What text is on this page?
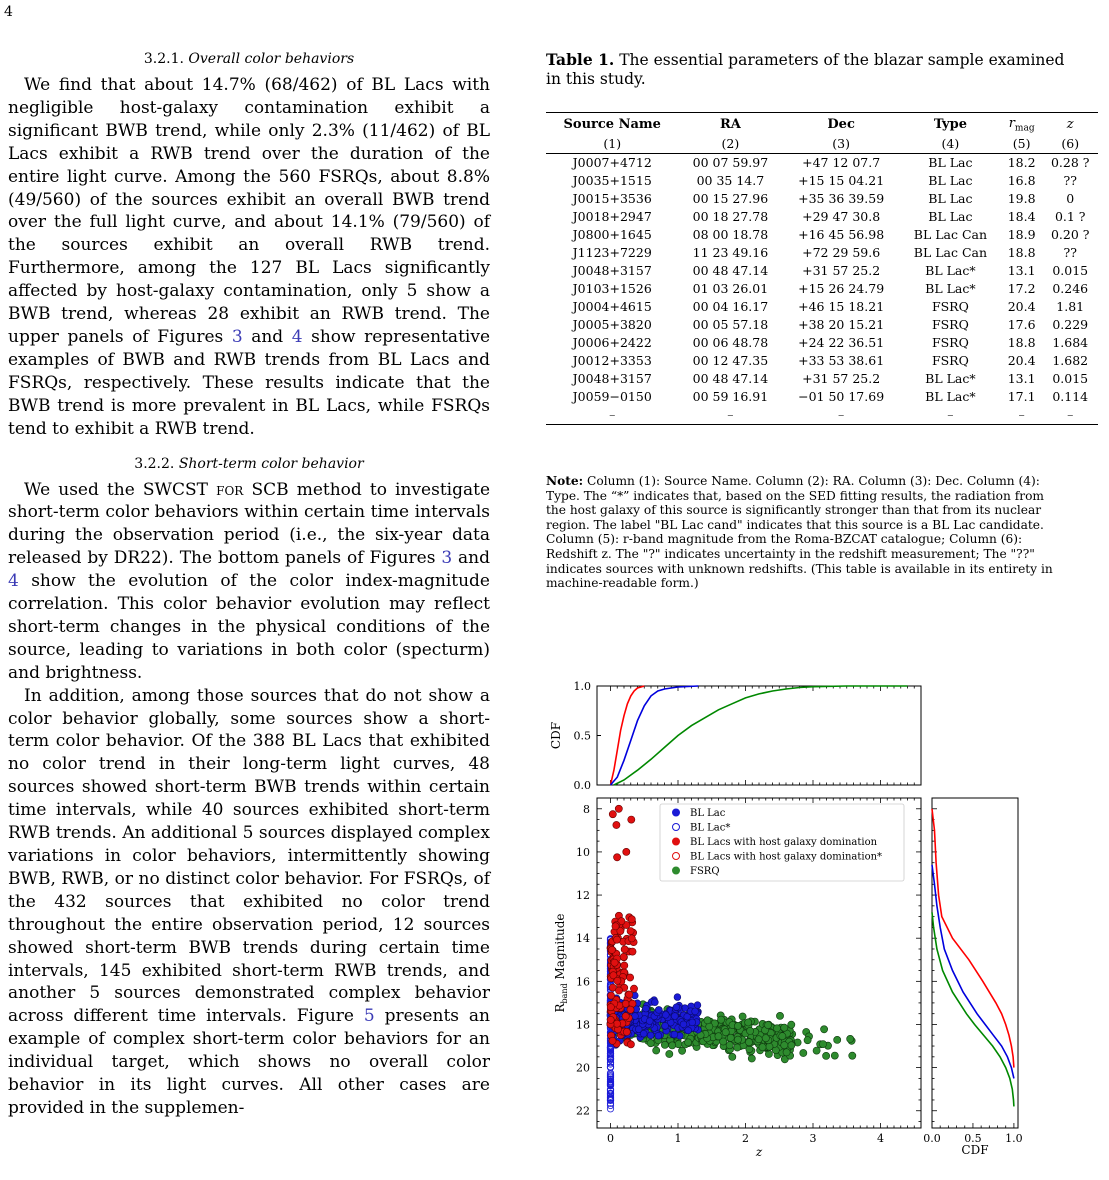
4
3.2.1. Overall color behaviors

We find that about 14.7% (68/462) of BL Lacs with negligible host-galaxy contamination exhibit a significant BWB trend, while only 2.3% (11/462) of BL Lacs exhibit a RWB trend over the duration of the entire light curve. Among the 560 FSRQs, about 8.8% (49/560) of the sources exhibit an overall BWB trend over the full light curve, and about 14.1% (79/560) of the sources exhibit an overall RWB trend. Furthermore, among the 127 BL Lacs significantly affected by host-galaxy contamination, only 5 show a BWB trend, whereas 28 exhibit an RWB trend. The upper panels of Figures 3 and 4 show representative examples of BWB and RWB trends from BL Lacs and FSRQs, respectively. These results indicate that the BWB trend is more prevalent in BL Lacs, while FSRQs tend to exhibit a RWB trend.

3.2.2. Short-term color behavior

We used the SWCST for SCB method to investigate short-term color behaviors within certain time intervals during the observation period (i.e., the six-year data released by DR22). The bottom panels of Figures 3 and 4 show the evolution of the color index-magnitude correlation. This color behavior evolution may reflect short-term changes in the physical conditions of the source, leading to variations in both color (specturm) and brightness.

In addition, among those sources that do not show a color behavior globally, some sources show a short-term color behavior. Of the 388 BL Lacs that exhibited no color trend in their long-term light curves, 48 sources showed short-term BWB trends within certain time intervals, while 40 sources exhibited short-term RWB trends. An additional 5 sources displayed complex variations in color behaviors, intermittently showing BWB, RWB, or no distinct color behavior. For FSRQs, of the 432 sources that exhibited no color trend throughout the entire observation period, 12 sources showed short-term BWB trends during certain time intervals, 145 exhibited short-term RWB trends, and another 5 sources demonstrated complex behavior across different time intervals. Figure 5 presents an example of complex short-term color behaviors for an individual target, which shows no overall color behavior in its light curves. All other cases are provided in the supplemen-

Table 1. The essential parameters of the blazar sample examined in this study.
Source Name	RA	Dec	Type	$r_{mag}$	z
(1)	(2)	(3)	(4)	(5)	(6)
J0007+4712	00 07 59.97	+47 12 07.7	BL Lac	18.2	0.28 ?
J0035+1515	00 35 14.7	+15 15 04.21	BL Lac	16.8	??
J0015+3536	00 15 27.96	+35 36 39.59	BL Lac	19.8	0
J0018+2947	00 18 27.78	+29 47 30.8	BL Lac	18.4	0.1 ?
J0800+1645	08 00 18.78	+16 45 56.98	BL Lac Can	18.9	0.20 ?
J1123+7229	11 23 49.16	+72 29 59.6	BL Lac Can	18.8	??
J0048+3157	00 48 47.14	+31 57 25.2	BL Lac*	13.1	0.015
J0103+1526	01 03 26.01	+15 26 24.79	BL Lac*	17.2	0.246
J0004+4615	00 04 16.17	+46 15 18.21	FSRQ	20.4	1.81
J0005+3820	00 05 57.18	+38 20 15.21	FSRQ	17.6	0.229
J0006+2422	00 06 48.78	+24 22 36.51	FSRQ	18.8	1.684
J0012+3353	00 12 47.35	+33 53 38.61	FSRQ	20.4	1.682
J0048+3157	00 48 47.14	+31 57 25.2	BL Lac*	13.1	0.015
J0059−0150	00 59 16.91	−01 50 17.69	BL Lac*	17.1	0.114
–	–	–	–	–	–
Note: Column (1): Source Name. Column (2): RA. Column (3): Dec. Column (4): Type. The “*” indicates that, based on the SED fitting results, the radiation from the host galaxy of this source is significantly stronger than that from its nuclear region. The label "BL Lac cand" indicates that this source is a BL Lac candidate. Column (5): r-band magnitude from the Roma-BZCAT catalogue; Column (6): Redshift z. The "?" indicates uncertainty in the redshift measurement; The "??" indicates sources with unknown redshifts. (This table is available in its entirety in machine-readable form.)
0.0
0.5
1.0
CDF
0	1	2	3	4
8
10
12
14
16
18
20
22
z
$R_{band}$ Magnitude
BL Lac
BL Lac*
BL Lacs with host galaxy domination
BL Lacs with host galaxy domination*
FSRQ
0.0 0.5 1.0
CDF
